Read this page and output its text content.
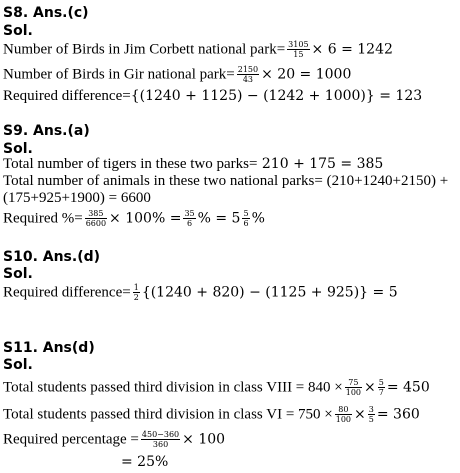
S8. Ans.(c)
Sol.
Number of Birds in Jim Corbett national park= $\frac{3105}{15} \times 6 = 1242$
Number of Birds in Gir national park= $\frac{2150}{43} \times 20 = 1000$
Required difference={(1240 + 1125) − (1242 + 1000)} = 123
S9. Ans.(a)
Sol.
Total number of tigers in these two parks= 210 + 175 = 385
Total number of animals in these two national parks= (210+1240+2150) +
(175+925+1900) = 6600
Required %= $\frac{385}{6600} \times 100\% = \frac{35}{6}$ % = $5 \frac{5}{6}$ %
S10. Ans.(d)
Sol.
Required difference= $\frac{1}{2} \{(1240 + 820) - (1125 + 925)\} = 5$
S11. Ans(d)
Sol.
Total students passed third division in class VIII = $840 \times \frac{75}{100} \times \frac{5}{7} = 450$
Total students passed third division in class VI = $750 \times \frac{80}{100} \times \frac{3}{5} = 360$
Required percentage = $\frac{450-360}{360} \times 100$
= 25%
